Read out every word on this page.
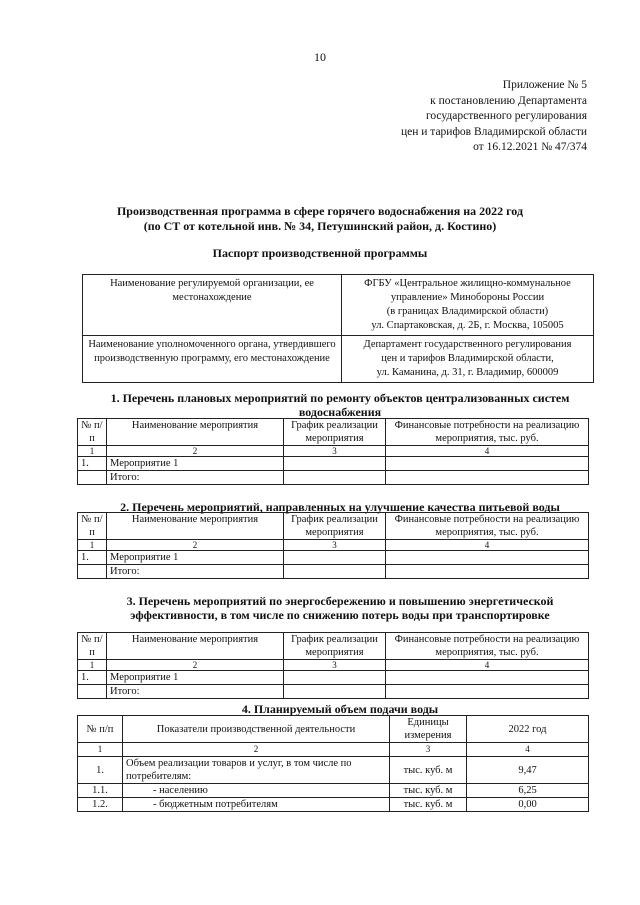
10
Приложение № 5
к постановлению Департамента
государственного регулирования
цен и тарифов Владимирской области
от 16.12.2021 № 47/374
Производственная программа в сфере горячего водоснабжения на 2022 год
(по СТ от котельной инв. № 34, Петушинский район, д. Костино)
Паспорт производственной программы
Наименование регулируемой организации, ее местонахождение	ФГБУ «Центральное жилищно-коммунальное
управление» Минобороны России
(в границах Владимирской области)
ул. Спартаковская, д. 2Б, г. Москва, 105005

Наименование уполномоченного органа, утвердившего производственную программу, его местонахождение	Департамент государственного регулирования
цен и тарифов Владимирской области,
ул. Каманина, д. 31, г. Владимир, 600009
1. Перечень плановых мероприятий по ремонту объектов централизованных систем
водоснабжения
№ п/п	Наименование мероприятия	График реализации мероприятия	Финансовые потребности на реализацию мероприятия, тыс. руб.
1	2	3	4
1.	Мероприятие 1		
	Итого:		
2. Перечень мероприятий, направленных на улучшение качества питьевой воды
№ п/п	Наименование мероприятия	График реализации мероприятия	Финансовые потребности на реализацию мероприятия, тыс. руб.
1	2	3	4
1.	Мероприятие 1		
	Итого:		
3. Перечень мероприятий по энергосбережению и повышению энергетической
эффективности, в том числе по снижению потерь воды при транспортировке
№ п/п	Наименование мероприятия	График реализации мероприятия	Финансовые потребности на реализацию мероприятия, тыс. руб.
1	2	3	4
1.	Мероприятие 1		
	Итого:		
4. Планируемый объем подачи воды
№ п/п	Показатели производственной деятельности	Единицы измерения	2022 год
1	2	3	4
1.	Объем реализации товаров и услуг, в том числе по потребителям:	тыс. куб. м	9,47
1.1.	- населению	тыс. куб. м	6,25
1.2.	- бюджетным потребителям	тыс. куб. м	0,00
